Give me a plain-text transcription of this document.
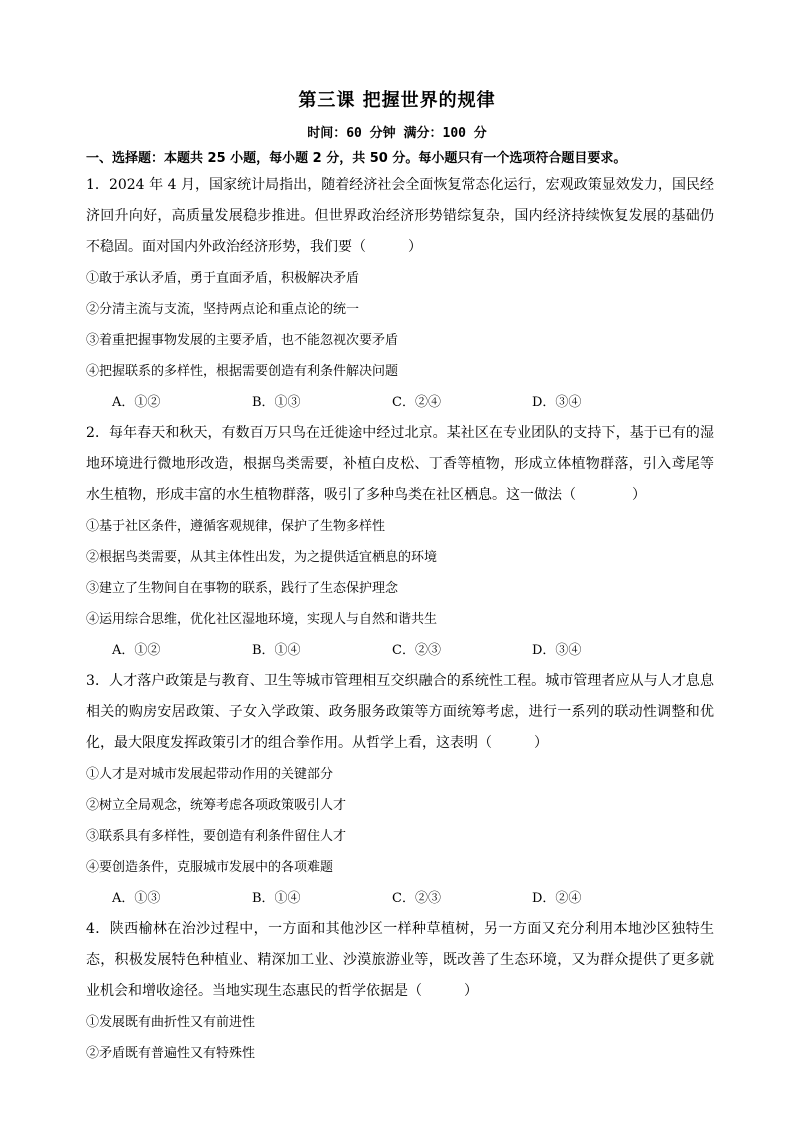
第三课 把握世界的规律
时间：60 分钟 满分：100 分
一、选择题：本题共 25 小题，每小题 2 分，共 50 分。每小题只有一个选项符合题目要求。

1．2024 年 4 月，国家统计局指出，随着经济社会全面恢复常态化运行，宏观政策显效发力，国民经济回升向好，高质量发展稳步推进。但世界政治经济形势错综复杂，国内经济持续恢复发展的基础仍不稳固。面对国内外政治经济形势，我们要（　　　）

①敢于承认矛盾，勇于直面矛盾，积极解决矛盾

②分清主流与支流，坚持两点论和重点论的统一

③着重把握事物发展的主要矛盾，也不能忽视次要矛盾

④把握联系的多样性，根据需要创造有利条件解决问题

A．①②	B．①③	C．②④	D．③④

2．每年春天和秋天，有数百万只鸟在迁徙途中经过北京。某社区在专业团队的支持下，基于已有的湿地环境进行微地形改造，根据鸟类需要，补植白皮松、丁香等植物，形成立体植物群落，引入鸢尾等水生植物，形成丰富的水生植物群落，吸引了多种鸟类在社区栖息。这一做法（　　　　）

①基于社区条件，遵循客观规律，保护了生物多样性

②根据鸟类需要，从其主体性出发，为之提供适宜栖息的环境

③建立了生物间自在事物的联系，践行了生态保护理念

④运用综合思维，优化社区湿地环境，实现人与自然和谐共生

A．①②	B．①④	C．②③	D．③④

3．人才落户政策是与教育、卫生等城市管理相互交织融合的系统性工程。城市管理者应从与人才息息相关的购房安居政策、子女入学政策、政务服务政策等方面统筹考虑，进行一系列的联动性调整和优化，最大限度发挥政策引才的组合拳作用。从哲学上看，这表明（　　　）

①人才是对城市发展起带动作用的关键部分

②树立全局观念，统筹考虑各项政策吸引人才

③联系具有多样性，要创造有利条件留住人才

④要创造条件，克服城市发展中的各项难题

A．①③	B．①④	C．②③	D．②④

4．陕西榆林在治沙过程中，一方面和其他沙区一样种草植树，另一方面又充分利用本地沙区独特生态，积极发展特色种植业、精深加工业、沙漠旅游业等，既改善了生态环境，又为群众提供了更多就业机会和增收途径。当地实现生态惠民的哲学依据是（　　　）

①发展既有曲折性又有前进性

②矛盾既有普遍性又有特殊性
